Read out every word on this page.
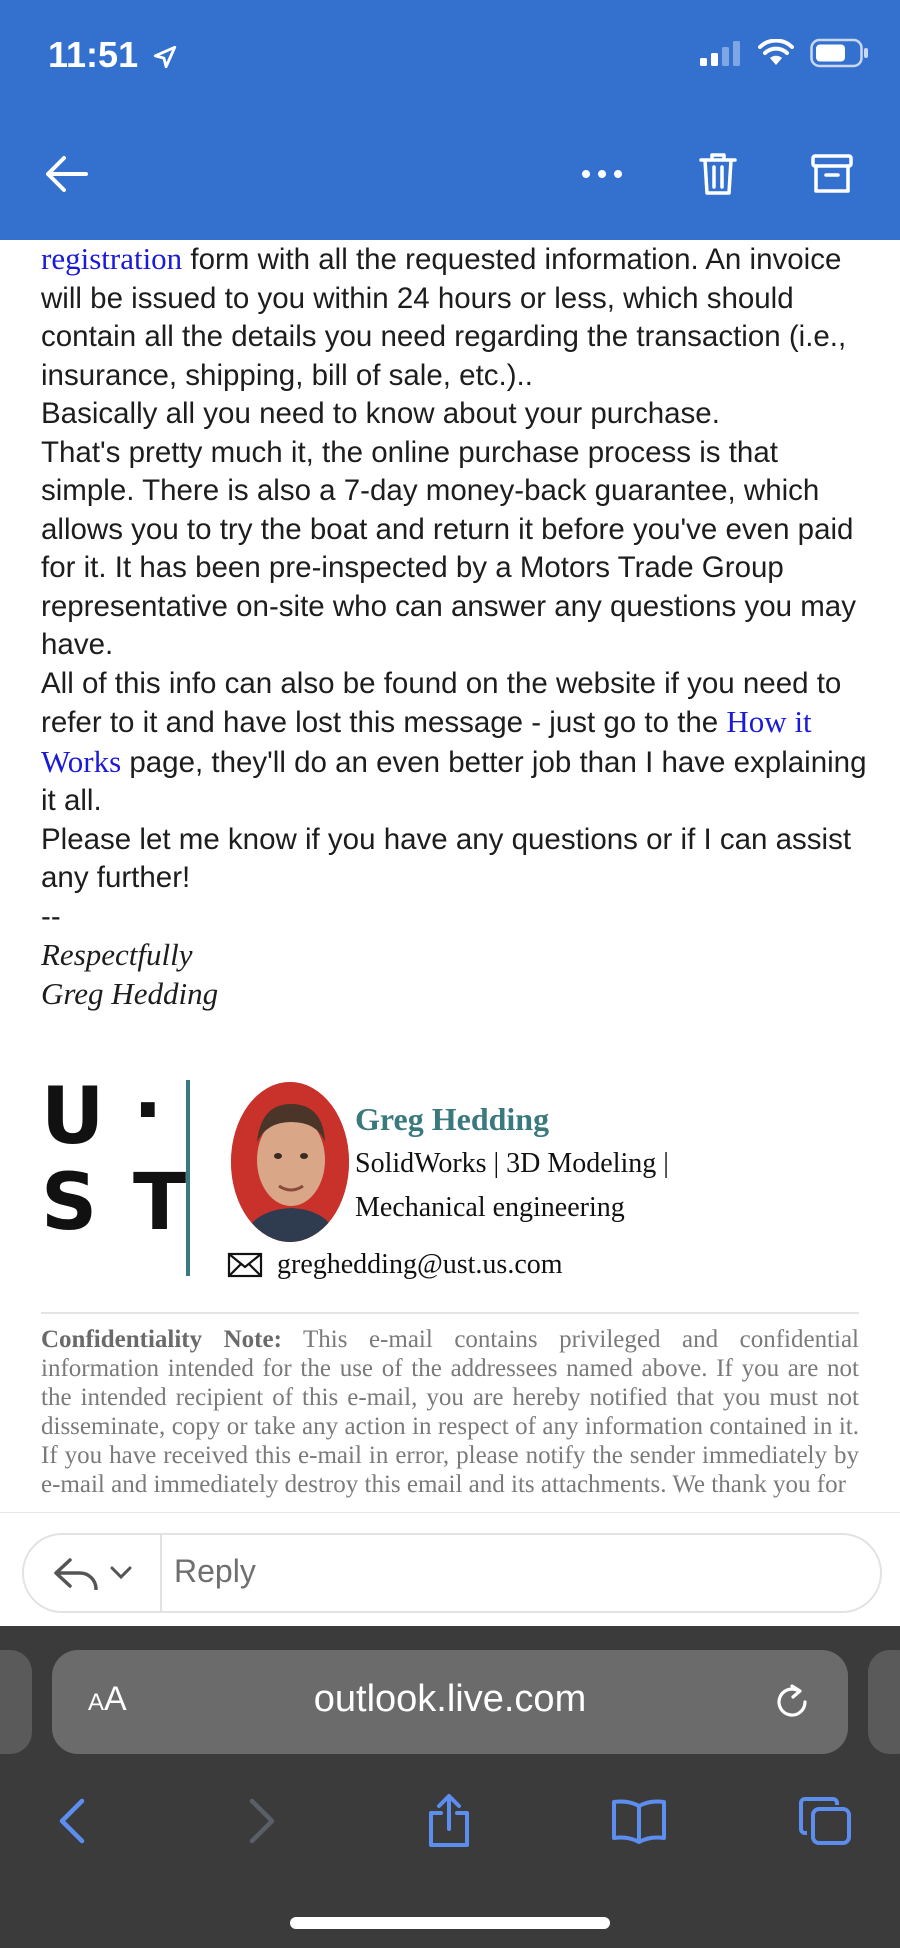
11:51

registration form with all the requested information. An invoice will be issued to you within 24 hours or less, which should contain all the details you need regarding the transaction (i.e., insurance, shipping, bill of sale, etc.)..

Basically all you need to know about your purchase.

That's pretty much it, the online purchase process is that simple. There is also a 7-day money-back guarantee, which allows you to try the boat and return it before you've even paid for it. It has been pre-inspected by a Motors Trade Group representative on-site who can answer any questions you may have.

All of this info can also be found on the website if you need to refer to it and have lost this message - just go to the How it Works page, they'll do an even better job than I have explaining it all.

Please let me know if you have any questions or if I can assist any further!

--

Respectfully

Greg Hedding

U ·
S T
Greg Hedding
SolidWorks | 3D Modeling | Mechanical engineering
greghedding@ust.us.com
Confidentiality Note: This e-mail contains privileged and confidential information intended for the use of the addressees named above. If you are not the intended recipient of this e-mail, you are hereby notified that you must not disseminate, copy or take any action in respect of any information contained in it. If you have received this e-mail in error, please notify the sender immediately by e-mail and immediately destroy this email and its attachments. We thank you for
Reply
AA	outlook.live.com
